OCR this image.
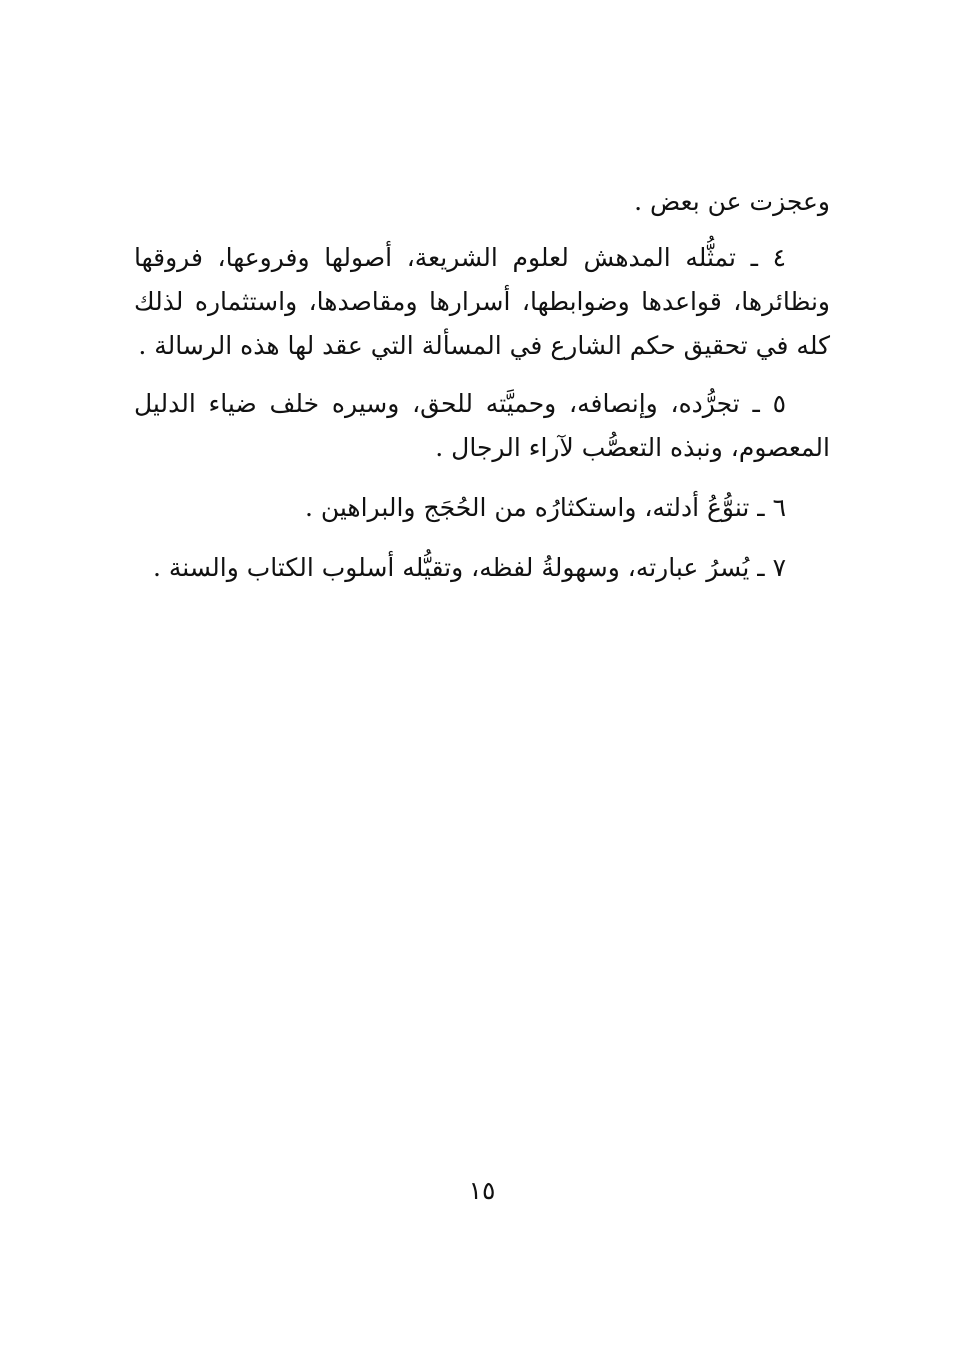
وعجزت عن بعض .
٤ ـ تمثُّله المدهش لعلوم الشريعة، أصولها وفروعها، فروقها
ونظائرها، قواعدها وضوابطها، أسرارها ومقاصدها، واستثماره لذلك
كله في تحقيق حكم الشارع في المسألة التي عقد لها هذه الرسالة .
٥ ـ تجرُّده، وإنصافه، وحميَّته للحق، وسيره خلف ضياء الدليل
المعصوم، ونبذه التعصُّب لآراء الرجال .
٦ ـ تنوُّعُ أدلته، واستكثارُه من الحُجَج والبراهين .
٧ ـ يُسرُ عبارته، وسهولةُ لفظه، وتقيُّله أسلوب الكتاب والسنة .
١٥
